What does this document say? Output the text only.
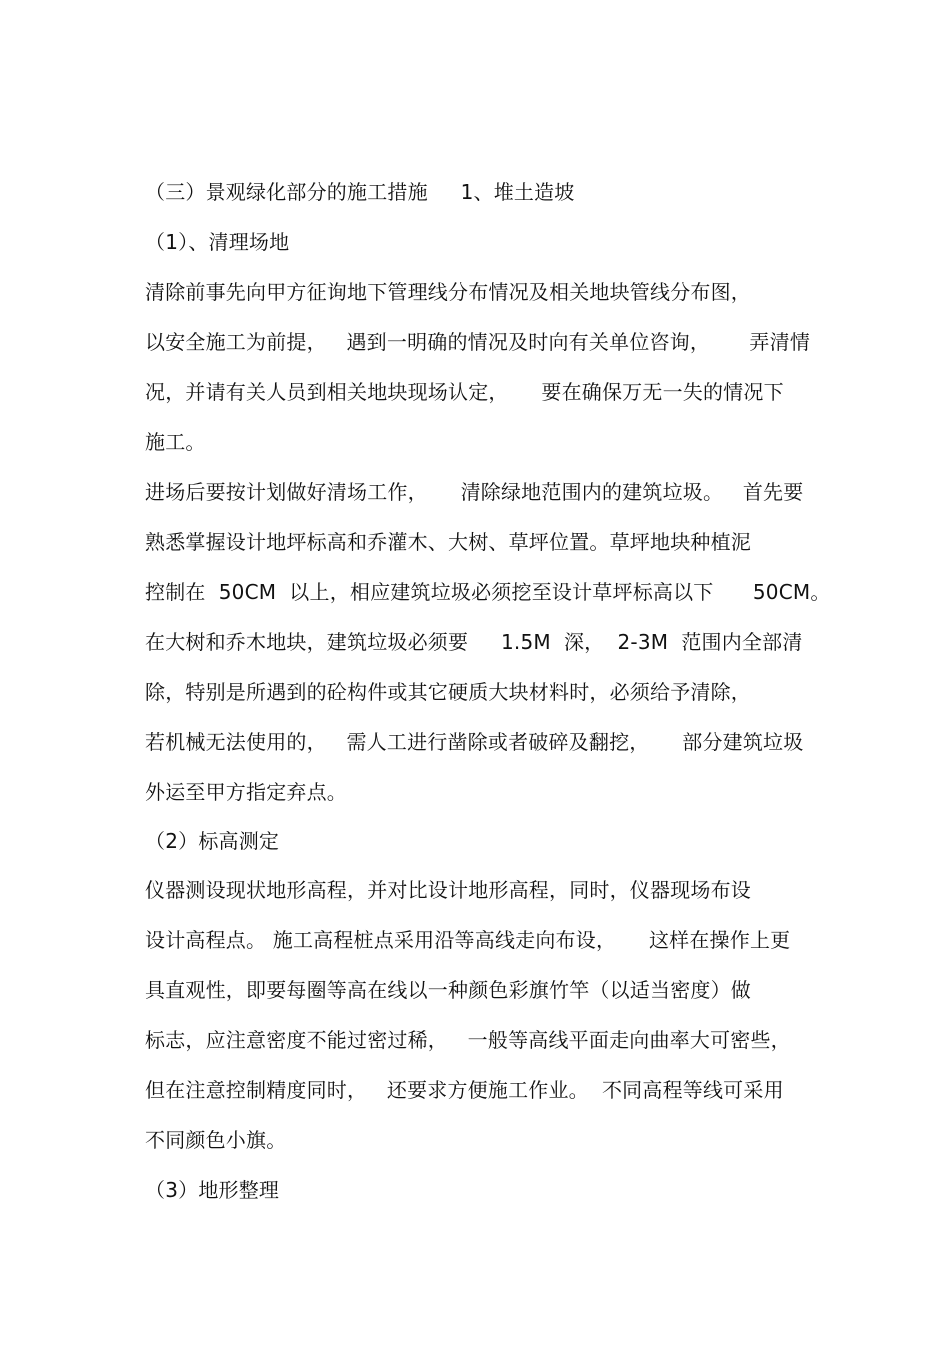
（三）景观绿化部分的施工措施     1、堆土造坡
（1）、清理场地
清除前事先向甲方征询地下管理线分布情况及相关地块管线分布图，
以安全施工为前提，   遇到一明确的情况及时向有关单位咨询，      弄清情
况，并请有关人员到相关地块现场认定，     要在确保万无一失的情况下
施工。
进场后要按计划做好清场工作，     清除绿地范围内的建筑垃圾。   首先要
熟悉掌握设计地坪标高和乔灌木、大树、草坪位置。草坪地块种植泥
控制在  50CM  以上，相应建筑垃圾必须挖至设计草坪标高以下      50CM。
在大树和乔木地块，建筑垃圾必须要     1.5M  深，  2-3M  范围内全部清
除，特别是所遇到的砼构件或其它硬质大块材料时，必须给予清除，
若机械无法使用的，   需人工进行凿除或者破碎及翻挖，     部分建筑垃圾
外运至甲方指定弃点。
（2）标高测定
仪器测设现状地形高程，并对比设计地形高程，同时，仪器现场布设
设计高程点。 施工高程桩点采用沿等高线走向布设，     这样在操作上更
具直观性，即要每圈等高在线以一种颜色彩旗竹竿（以适当密度）做
标志，应注意密度不能过密过稀，   一般等高线平面走向曲率大可密些，
但在注意控制精度同时，   还要求方便施工作业。  不同高程等线可采用
不同颜色小旗。
（3）地形整理
